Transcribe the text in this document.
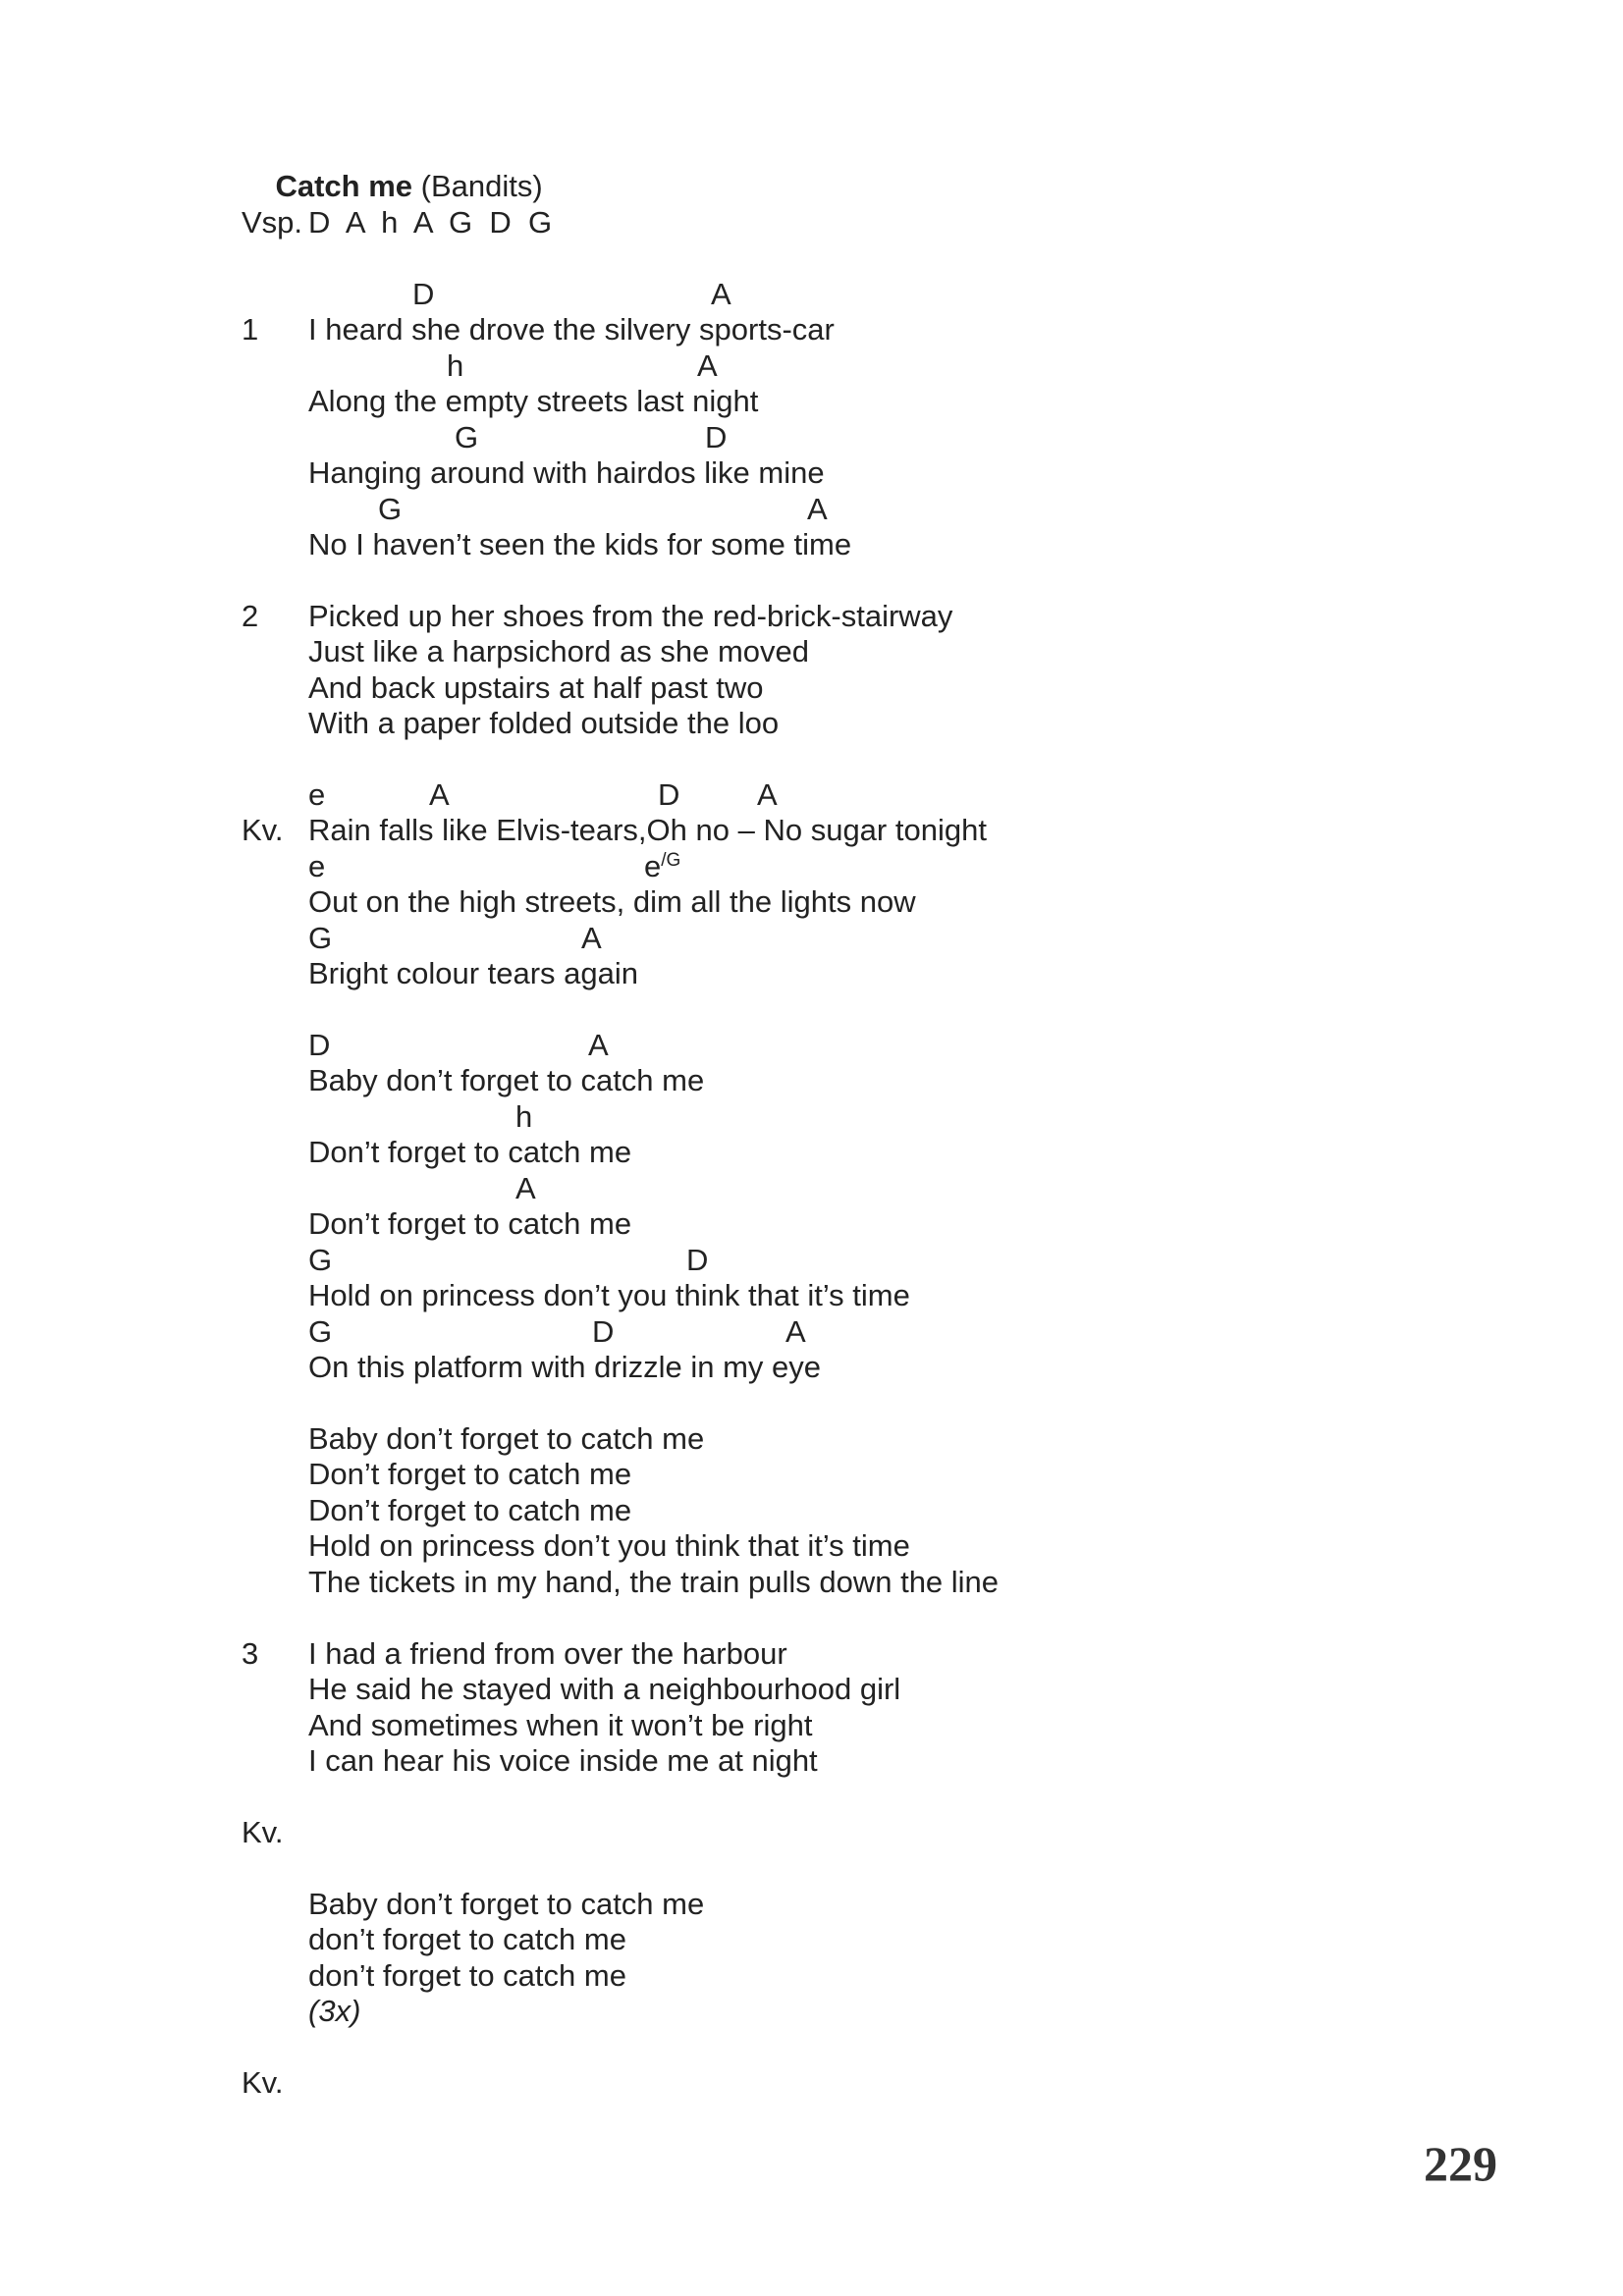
Catch me (Bandits)

Vsp. D  A  h  A  G  D  G
D	A
1 I heard she drove the silvery sports-car
h	A
Along the empty streets last night
G	D
Hanging around with hairdos like mine
G	A
No I haven’t seen the kids for some time
2 Picked up her shoes from the red-brick-stairway
Just like a harpsichord as she moved
And back upstairs at half past two
With a paper folded outside the loo
e	A	D	A
Kv. Rain falls like Elvis-tears,Oh no – No sugar tonight
e	$e^{/G}$
Out on the high streets, dim all the lights now
G	A
Bright colour tears again
D	A
Baby don’t forget to catch me
h
Don’t forget to catch me
A
Don’t forget to catch me
G	D
Hold on princess don’t you think that it’s time
G	D	A
On this platform with drizzle in my eye
Baby don’t forget to catch me
Don’t forget to catch me
Don’t forget to catch me
Hold on princess don’t you think that it’s time
The tickets in my hand, the train pulls down the line
3 I had a friend from over the harbour
He said he stayed with a neighbourhood girl
And sometimes when it won’t be right
I can hear his voice inside me at night
Kv.
Baby don’t forget to catch me
don’t forget to catch me
don’t forget to catch me
(3x)
Kv.
229
